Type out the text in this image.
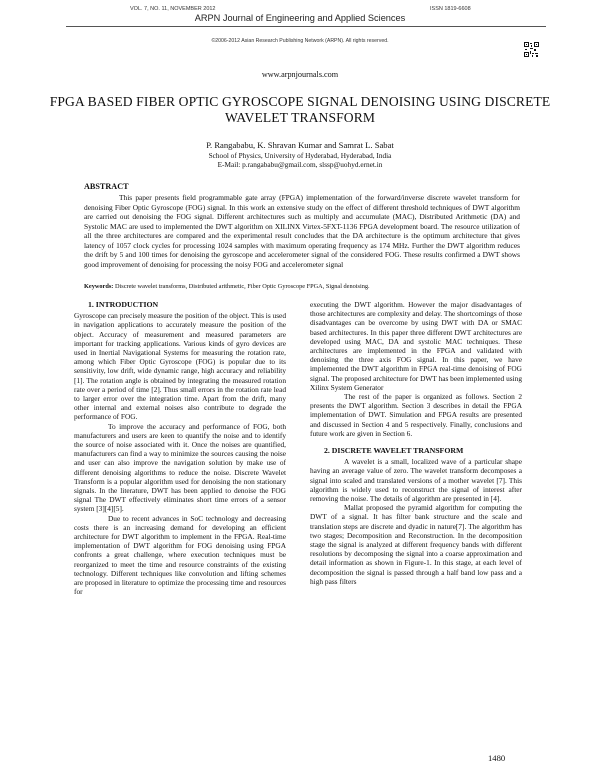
VOL. 7, NO. 11, NOVEMBER 2012	ISSN 1819-6608
ARPN Journal of Engineering and Applied Sciences
©2006-2012 Asian Research Publishing Network (ARPN). All rights reserved.
www.arpnjournals.com
FPGA BASED FIBER OPTIC GYROSCOPE SIGNAL DENOISING USING DISCRETE WAVELET TRANSFORM
P. Rangababu, K. Shravan Kumar and Samrat L. Sabat
School of Physics, University of Hyderabad, Hyderabad, India
E-Mail: p.rangababu@gmail.com, slssp@uohyd.ernet.in
ABSTRACT

This paper presents field programmable gate array (FPGA) implementation of the forward/inverse discrete wavelet transform for denoising Fiber Optic Gyroscope (FOG) signal. In this work an extensive study on the effect of different threshold techniques of DWT algorithm are carried out denoising the FOG signal. Different architectures such as multiply and accumulate (MAC), Distributed Arithmetic (DA) and Systolic MAC are used to implemented the DWT algorithm on XILINX Virtex-5FXT-1136 FPGA development board. The resource utilization of all the three architectures are compared and the experimental result concludes that the DA architecture is the optimum architecture that gives latency of 1057 clock cycles for processing 1024 samples with maximum operating frequency as 174 MHz. Further the DWT algorithm reduces the drift by 5 and 100 times for denoising the gyroscope and accelerometer signal of the considered FOG. These results confirmed a DWT shows good improvement of denoising for processing the noisy FOG and accelerometer signal

Keywords: Discrete wavelet transforms, Distributed arithmetic, Fiber Optic Gyroscope FPGA, Signal denoising.
1. INTRODUCTION

Gyroscope can precisely measure the position of the object. This is used in navigation applications to accurately measure the position of the object. Accuracy of measurement and measured parameters are important for tracking applications. Various kinds of gyro devices are used in Inertial Navigational Systems for measuring the rotation rate, among which Fiber Optic Gyroscope (FOG) is popular due to its sensitivity, low drift, wide dynamic range, high accuracy and reliability [1]. The rotation angle is obtained by integrating the measured rotation rate over a period of time [2]. Thus small errors in the rotation rate lead to larger error over the integration time. Apart from the drift, many other internal and external noises also contribute to degrade the performance of FOG.

To improve the accuracy and performance of FOG, both manufacturers and users are keen to quantify the noise and to identify the source of noise associated with it. Once the noises are quantified, manufacturers can find a way to minimize the sources causing the noise and user can also improve the navigation solution by make use of different denoising algorithms to reduce the noise. Discrete Wavelet Transform is a popular algorithm used for denoising the non stationary signals. In the literature, DWT has been applied to denoise the FOG signal The DWT effectively eliminates short time errors of a sensor system [3][4][5].

Due to recent advances in SoC technology and decreasing costs there is an increasing demand for developing an efficient architecture for DWT algorithm to implement in the FPGA. Real-time implementation of DWT algorithm for FOG denoising using FPGA confronts a great challenge, where execution techniques must be reorganized to meet the time and resource constraints of the existing technology. Different techniques like convolution and lifting schemes are proposed in literature to optimize the processing time and resources for

executing the DWT algorithm. However the major disadvantages of those architectures are complexity and delay. The shortcomings of those disadvantages can be overcome by using DWT with DA or SMAC based architectures. In this paper three different DWT architectures are developed using MAC, DA and systolic MAC techniques. These architectures are implemented in the FPGA and validated with denoising the three axis FOG signal. In this paper, we have implemented the DWT algorithm in FPGA real-time denoising of FOG signal. The proposed architecture for DWT has been implemented using Xilinx System Generator

The rest of the paper is organized as follows. Section 2 presents the DWT algorithm. Section 3 describes in detail the FPGA implementation of DWT. Simulation and FPGA results are presented and discussed in Section 4 and 5 respectively. Finally, conclusions and future work are given in Section 6.

2. DISCRETE WAVELET TRANSFORM

A wavelet is a small, localized wave of a particular shape having an average value of zero. The wavelet transform decomposes a signal into scaled and translated versions of a mother wavelet [7]. This algorithm is widely used to reconstruct the signal of interest after removing the noise. The details of algorithm are presented in [4].

Mallat proposed the pyramid algorithm for computing the DWT of a signal. It has filter bank structure and the scale and translation steps are discrete and dyadic in nature[7]. The algorithm has two stages; Decomposition and Reconstruction. In the decomposition stage the signal is analyzed at different frequency bands with different resolutions by decomposing the signal into a coarse approximation and detail information as shown in Figure-1. In this stage, at each level of decomposition the signal is passed through a half band low pass and a high pass filters

1480
